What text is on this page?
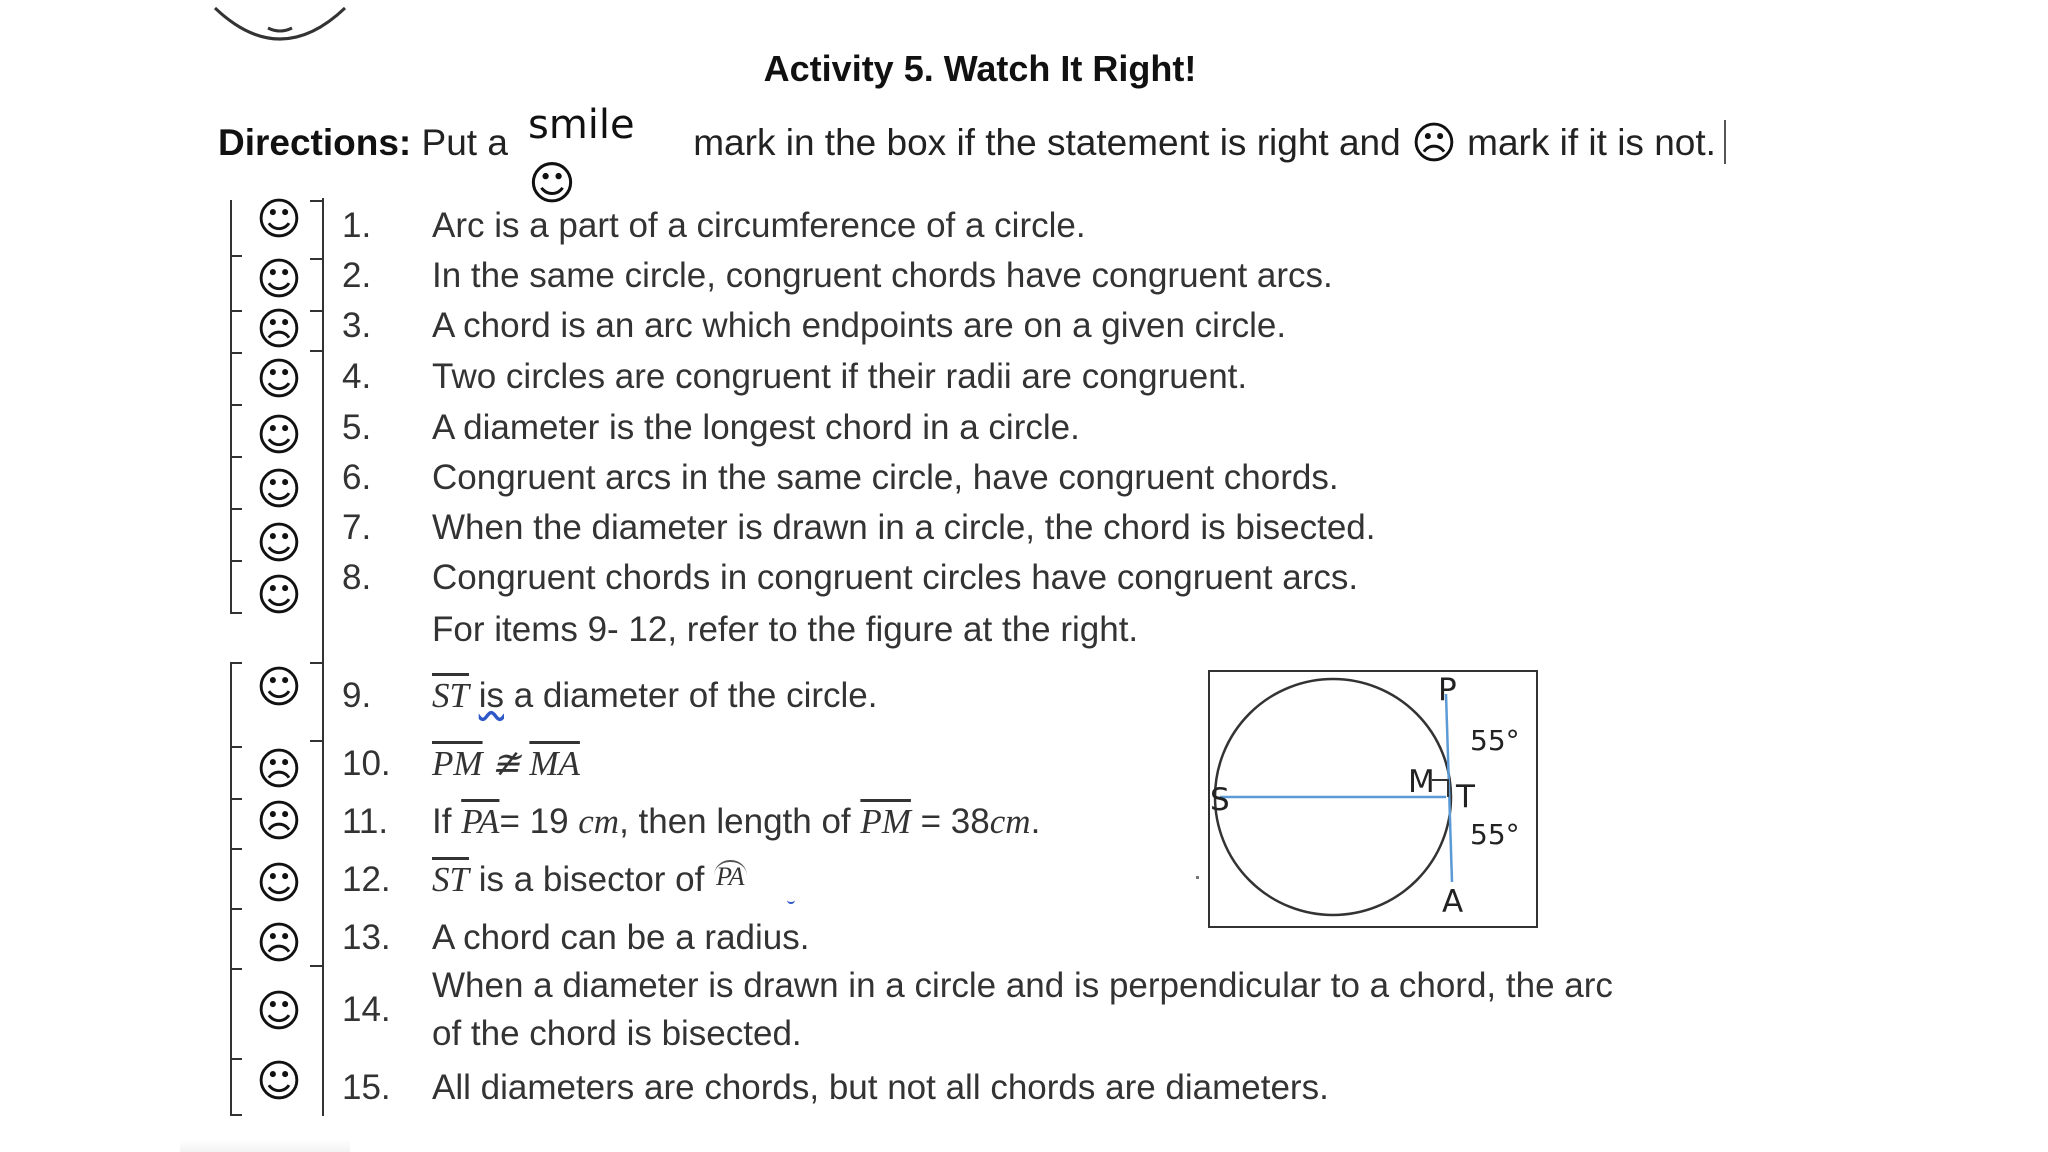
Activity 5. Watch It Right!
Directions: Put a	mark in the box if the statement is right and ☹ mark if it is not.
smile
☺
☺
☺
☹
☺
☺
☺
☺
☺
☺
☹
☹
☺
☹
☺
☺
1.
2.
3.
4.
5.
6.
7.
8.
9.
10.
11.
12.
13.
14.
15.
Arc is a part of a circumference of a circle.
In the same circle, congruent chords have congruent arcs.
A chord is an arc which endpoints are on a given circle.
Two circles are congruent if their radii are congruent.
A diameter is the longest chord in a circle.
Congruent arcs in the same circle, have congruent chords.
When the diameter is drawn in a circle, the chord is bisected.
Congruent chords in congruent circles have congruent arcs.
For items 9- 12, refer to the figure at the right.
$\overline{ST}$ is a diameter of the circle.
$\overline{PM}$ ≇ $\overline{MA}$
If $\overline{PA}= 19$ cm, then length of $\overline{PM} = 38cm$.
$\overline{ST}$ is a bisector of PA
A chord can be a radius.
When a diameter is drawn in a circle and is perpendicular to a chord, the arc
of the chord is bisected.
All diameters are chords, but not all chords are diameters.
S
P
M T
A
55°
55°
